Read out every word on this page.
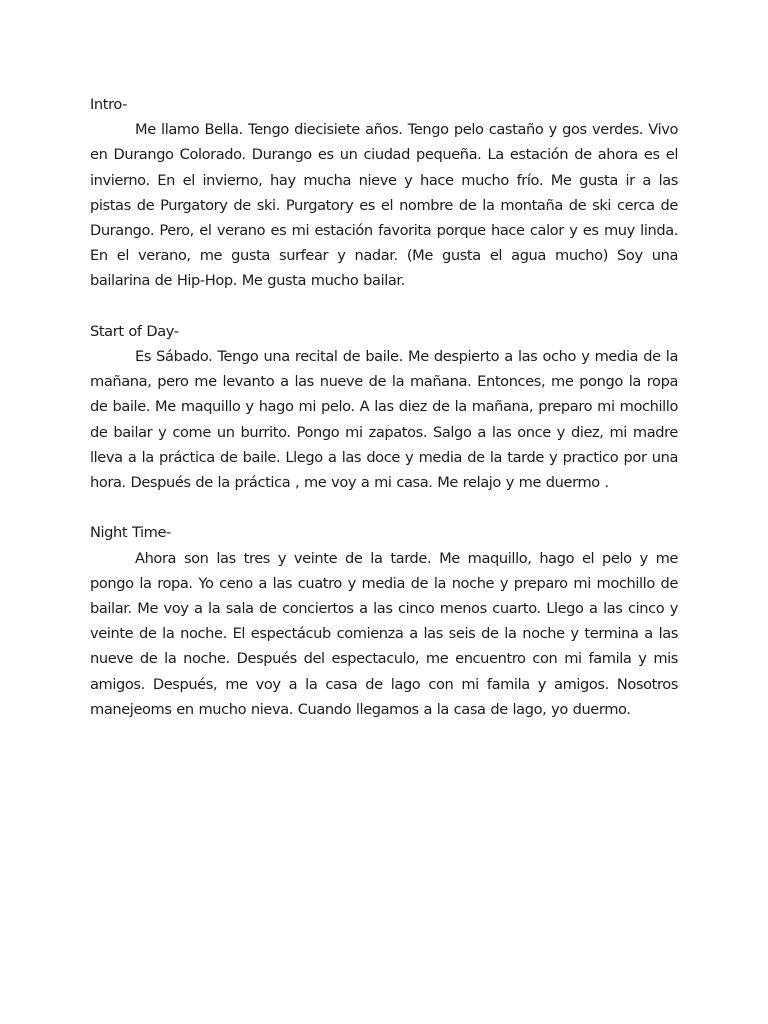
Intro-

Me llamo Bella. Tengo diecisiete años. Tengo pelo castaño y gos verdes. Vivo en Durango Colorado. Durango es un ciudad pequeña. La estación de ahora es el invierno. En el invierno, hay mucha nieve y hace mucho frío. Me gusta ir a las pistas de Purgatory de ski. Purgatory es el nombre de la montaña de ski cerca de Durango. Pero, el verano es mi estación favorita porque hace calor y es muy linda. En el verano, me gusta surfear y nadar. (Me gusta el agua mucho) Soy una bailarina de Hip-Hop. Me gusta mucho bailar.

Start of Day-

Es Sábado. Tengo una recital de baile. Me despierto a las ocho y media de la mañana, pero me levanto a las nueve de la mañana. Entonces, me pongo la ropa de baile. Me maquillo y hago mi pelo. A las diez de la mañana, preparo mi mochillo de bailar y come un burrito. Pongo mi zapatos. Salgo a las once y diez, mi madre lleva a la práctica de baile. Llego a las doce y media de la tarde y practico por una hora. Después de la práctica , me voy a mi casa. Me relajo y me duermo .

Night Time-

Ahora son las tres y veinte de la tarde. Me maquillo, hago el pelo y me pongo la ropa. Yo ceno a las cuatro y media de la noche y preparo mi mochillo de bailar. Me voy a la sala de conciertos a las cinco menos cuarto. Llego a las cinco y veinte de la noche. El espectácub comienza a las seis de la noche y termina a las nueve de la noche. Después del espectaculo, me encuentro con mi famila y mis amigos. Después, me voy a la casa de lago con mi famila y amigos. Nosotros manejeoms en mucho nieva. Cuando llegamos a la casa de lago, yo duermo.
